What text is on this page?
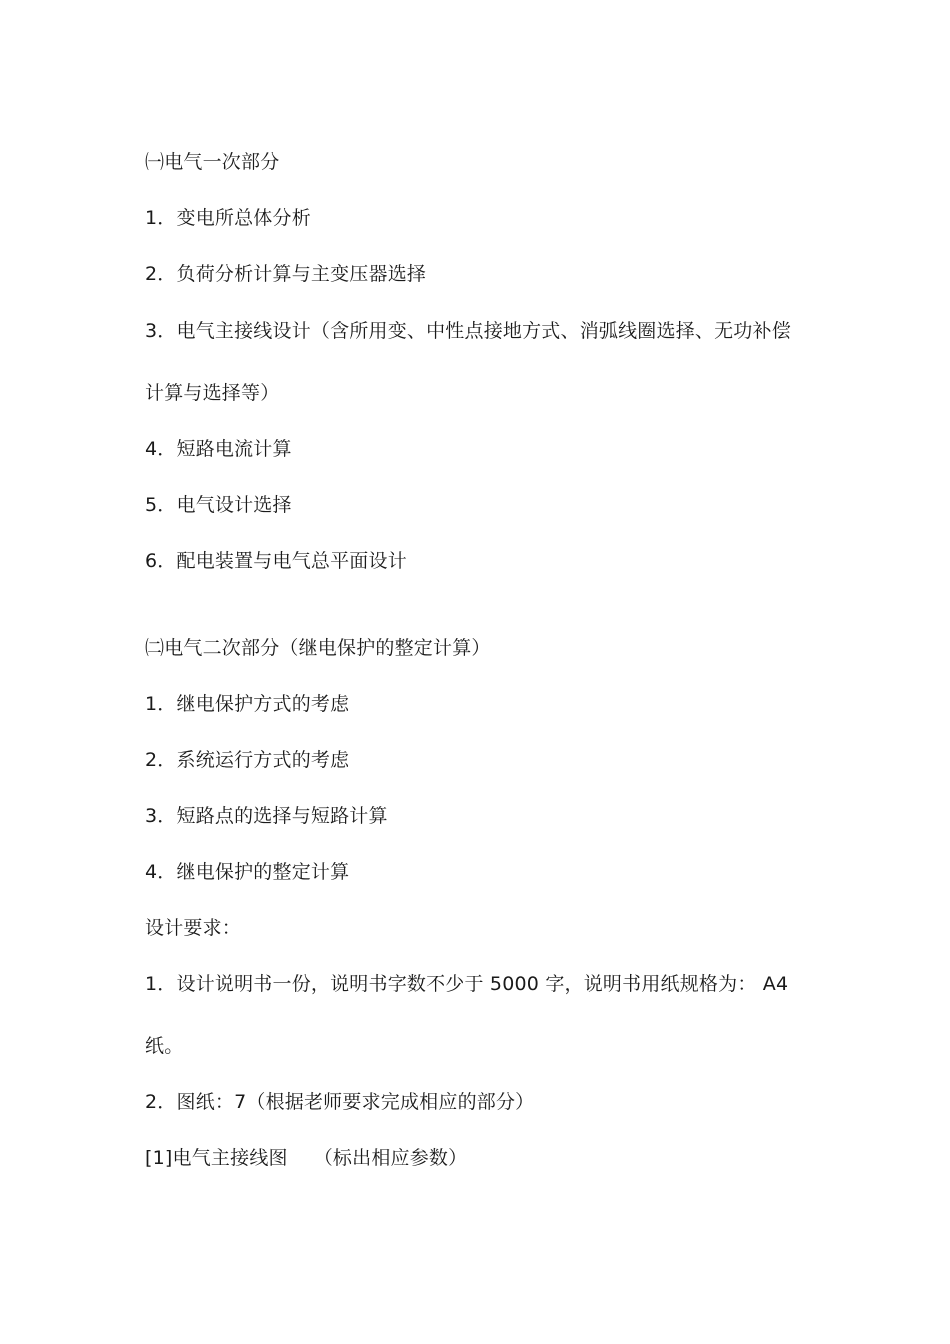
㈠电气一次部分
1．变电所总体分析
2．负荷分析计算与主变压器选择
3．电气主接线设计（含所用变、中性点接地方式、消弧线圈选择、无功补偿
计算与选择等）
4．短路电流计算
5．电气设计选择
6．配电装置与电气总平面设计
㈡电气二次部分（继电保护的整定计算）
1．继电保护方式的考虑
2．系统运行方式的考虑
3．短路点的选择与短路计算
4．继电保护的整定计算
设计要求：
1．设计说明书一份，说明书字数不少于 5000 字，说明书用纸规格为： A4
纸。
2．图纸：7（根据老师要求完成相应的部分）
[1]电气主接线图 （标出相应参数）
